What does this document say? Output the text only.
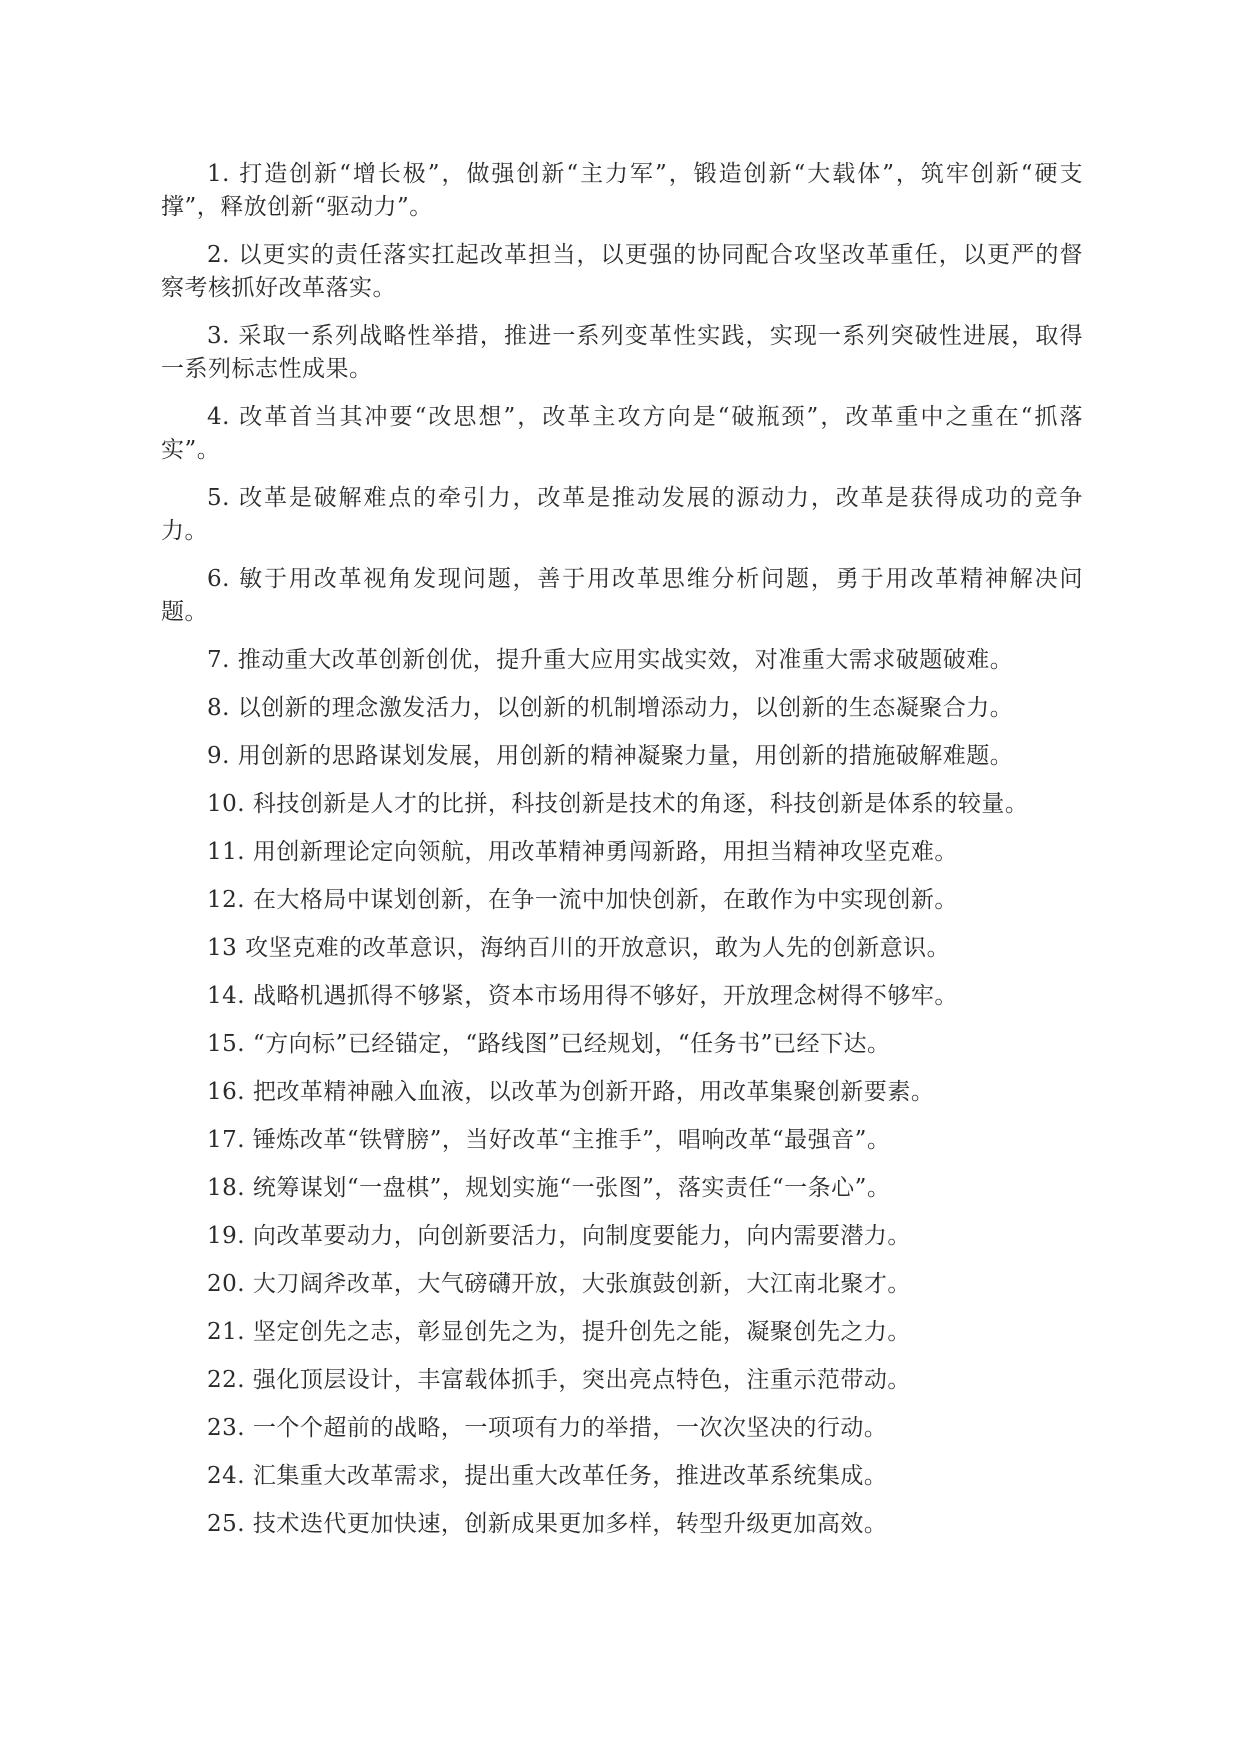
1. 打造创新“增长极”，做强创新“主力军”，锻造创新“大载体”，筑牢创新“硬支撑”，释放创新“驱动力”。

2. 以更实的责任落实扛起改革担当，以更强的协同配合攻坚改革重任，以更严的督察考核抓好改革落实。

3. 采取一系列战略性举措，推进一系列变革性实践，实现一系列突破性进展，取得一系列标志性成果。

4. 改革首当其冲要“改思想”，改革主攻方向是“破瓶颈”，改革重中之重在“抓落实”。

5. 改革是破解难点的牵引力，改革是推动发展的源动力，改革是获得成功的竞争力。

6. 敏于用改革视角发现问题，善于用改革思维分析问题，勇于用改革精神解决问题。

7. 推动重大改革创新创优，提升重大应用实战实效，对准重大需求破题破难。

8. 以创新的理念激发活力，以创新的机制增添动力，以创新的生态凝聚合力。

9. 用创新的思路谋划发展，用创新的精神凝聚力量，用创新的措施破解难题。

10. 科技创新是人才的比拼，科技创新是技术的角逐，科技创新是体系的较量。

11. 用创新理论定向领航，用改革精神勇闯新路，用担当精神攻坚克难。

12. 在大格局中谋划创新，在争一流中加快创新，在敢作为中实现创新。

13 攻坚克难的改革意识，海纳百川的开放意识，敢为人先的创新意识。

14. 战略机遇抓得不够紧，资本市场用得不够好，开放理念树得不够牢。

15. “方向标”已经锚定，“路线图”已经规划，“任务书”已经下达。

16. 把改革精神融入血液，以改革为创新开路，用改革集聚创新要素。

17. 锤炼改革“铁臂膀”，当好改革“主推手”，唱响改革“最强音”。

18. 统筹谋划“一盘棋”，规划实施“一张图”，落实责任“一条心”。

19. 向改革要动力，向创新要活力，向制度要能力，向内需要潜力。

20. 大刀阔斧改革，大气磅礴开放，大张旗鼓创新，大江南北聚才。

21. 坚定创先之志，彰显创先之为，提升创先之能，凝聚创先之力。

22. 强化顶层设计，丰富载体抓手，突出亮点特色，注重示范带动。

23. 一个个超前的战略，一项项有力的举措，一次次坚决的行动。

24. 汇集重大改革需求，提出重大改革任务，推进改革系统集成。

25. 技术迭代更加快速，创新成果更加多样，转型升级更加高效。
